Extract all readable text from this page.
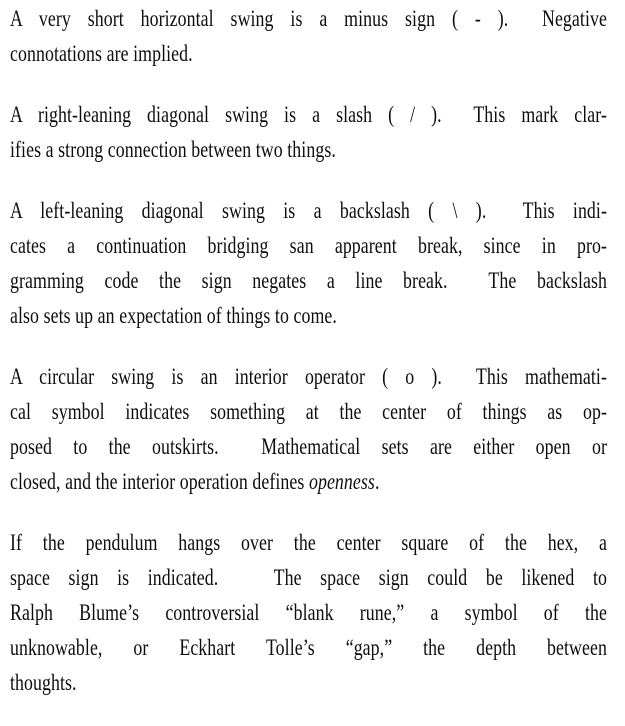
A very short horizontal swing is a minus sign ( - ).  Negative
connotations are implied.

A right-leaning diagonal swing is a slash ( / ).  This mark clar-
ifies a strong connection between two things.

A left-leaning diagonal swing is a backslash ( \ ).  This indi-
cates a continuation bridging san apparent break, since in pro-
gramming code the sign negates a line break.  The backslash
also sets up an expectation of things to come.

A circular swing is an interior operator ( o ).  This mathemati-
cal symbol indicates something at the center of things as op-
posed to the outskirts.  Mathematical sets are either open or
closed, and the interior operation defines openness.

If the pendulum hangs over the center square of the hex, a
space sign is indicated.   The space sign could be likened to
Ralph Blume’s controversial “blank rune,” a symbol of the
unknowable, or Eckhart Tolle’s “gap,” the depth between
thoughts.
